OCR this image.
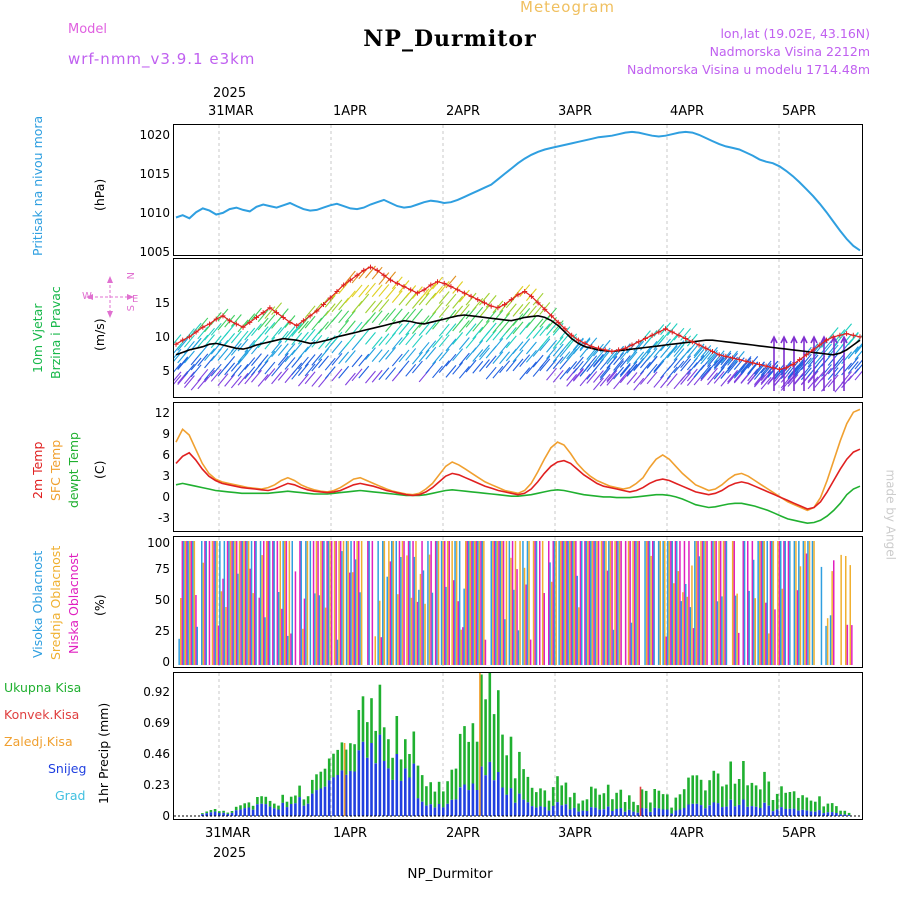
Meteogram
Model
wrf-nmm_v3.9.1 e3km
NP_Durmitor	lon,lat (19.02E, 43.16N)
Nadmorska Visina 2212m
Nadmorska Visina u modelu 1714.48m
made by Angel
2025
31MAR	1APR	2APR	3APR	4APR	5APR
1005
1010
1015
1020
Pritisak na nivou mora	(hPa)
5
10
15
10m Vjetar Brzina i Pravac (m/s)
N
E
S
W
-3
0
3
6
9
12
2m Temp SFC Temp dewpt Temp (C)
0
25
50
75
100
Visoka Oblacnost Srednja Oblacnost Niska Oblacnost (%)
0
0.23
0.46
0.69
0.92
Ukupna Kisa
Konvek.Kisa
Zaledj.Kisa
Snijeg
Grad 1hr Precip (mm)
31MAR	1APR	2APR	3APR	4APR	5APR
2025
NP_Durmitor
